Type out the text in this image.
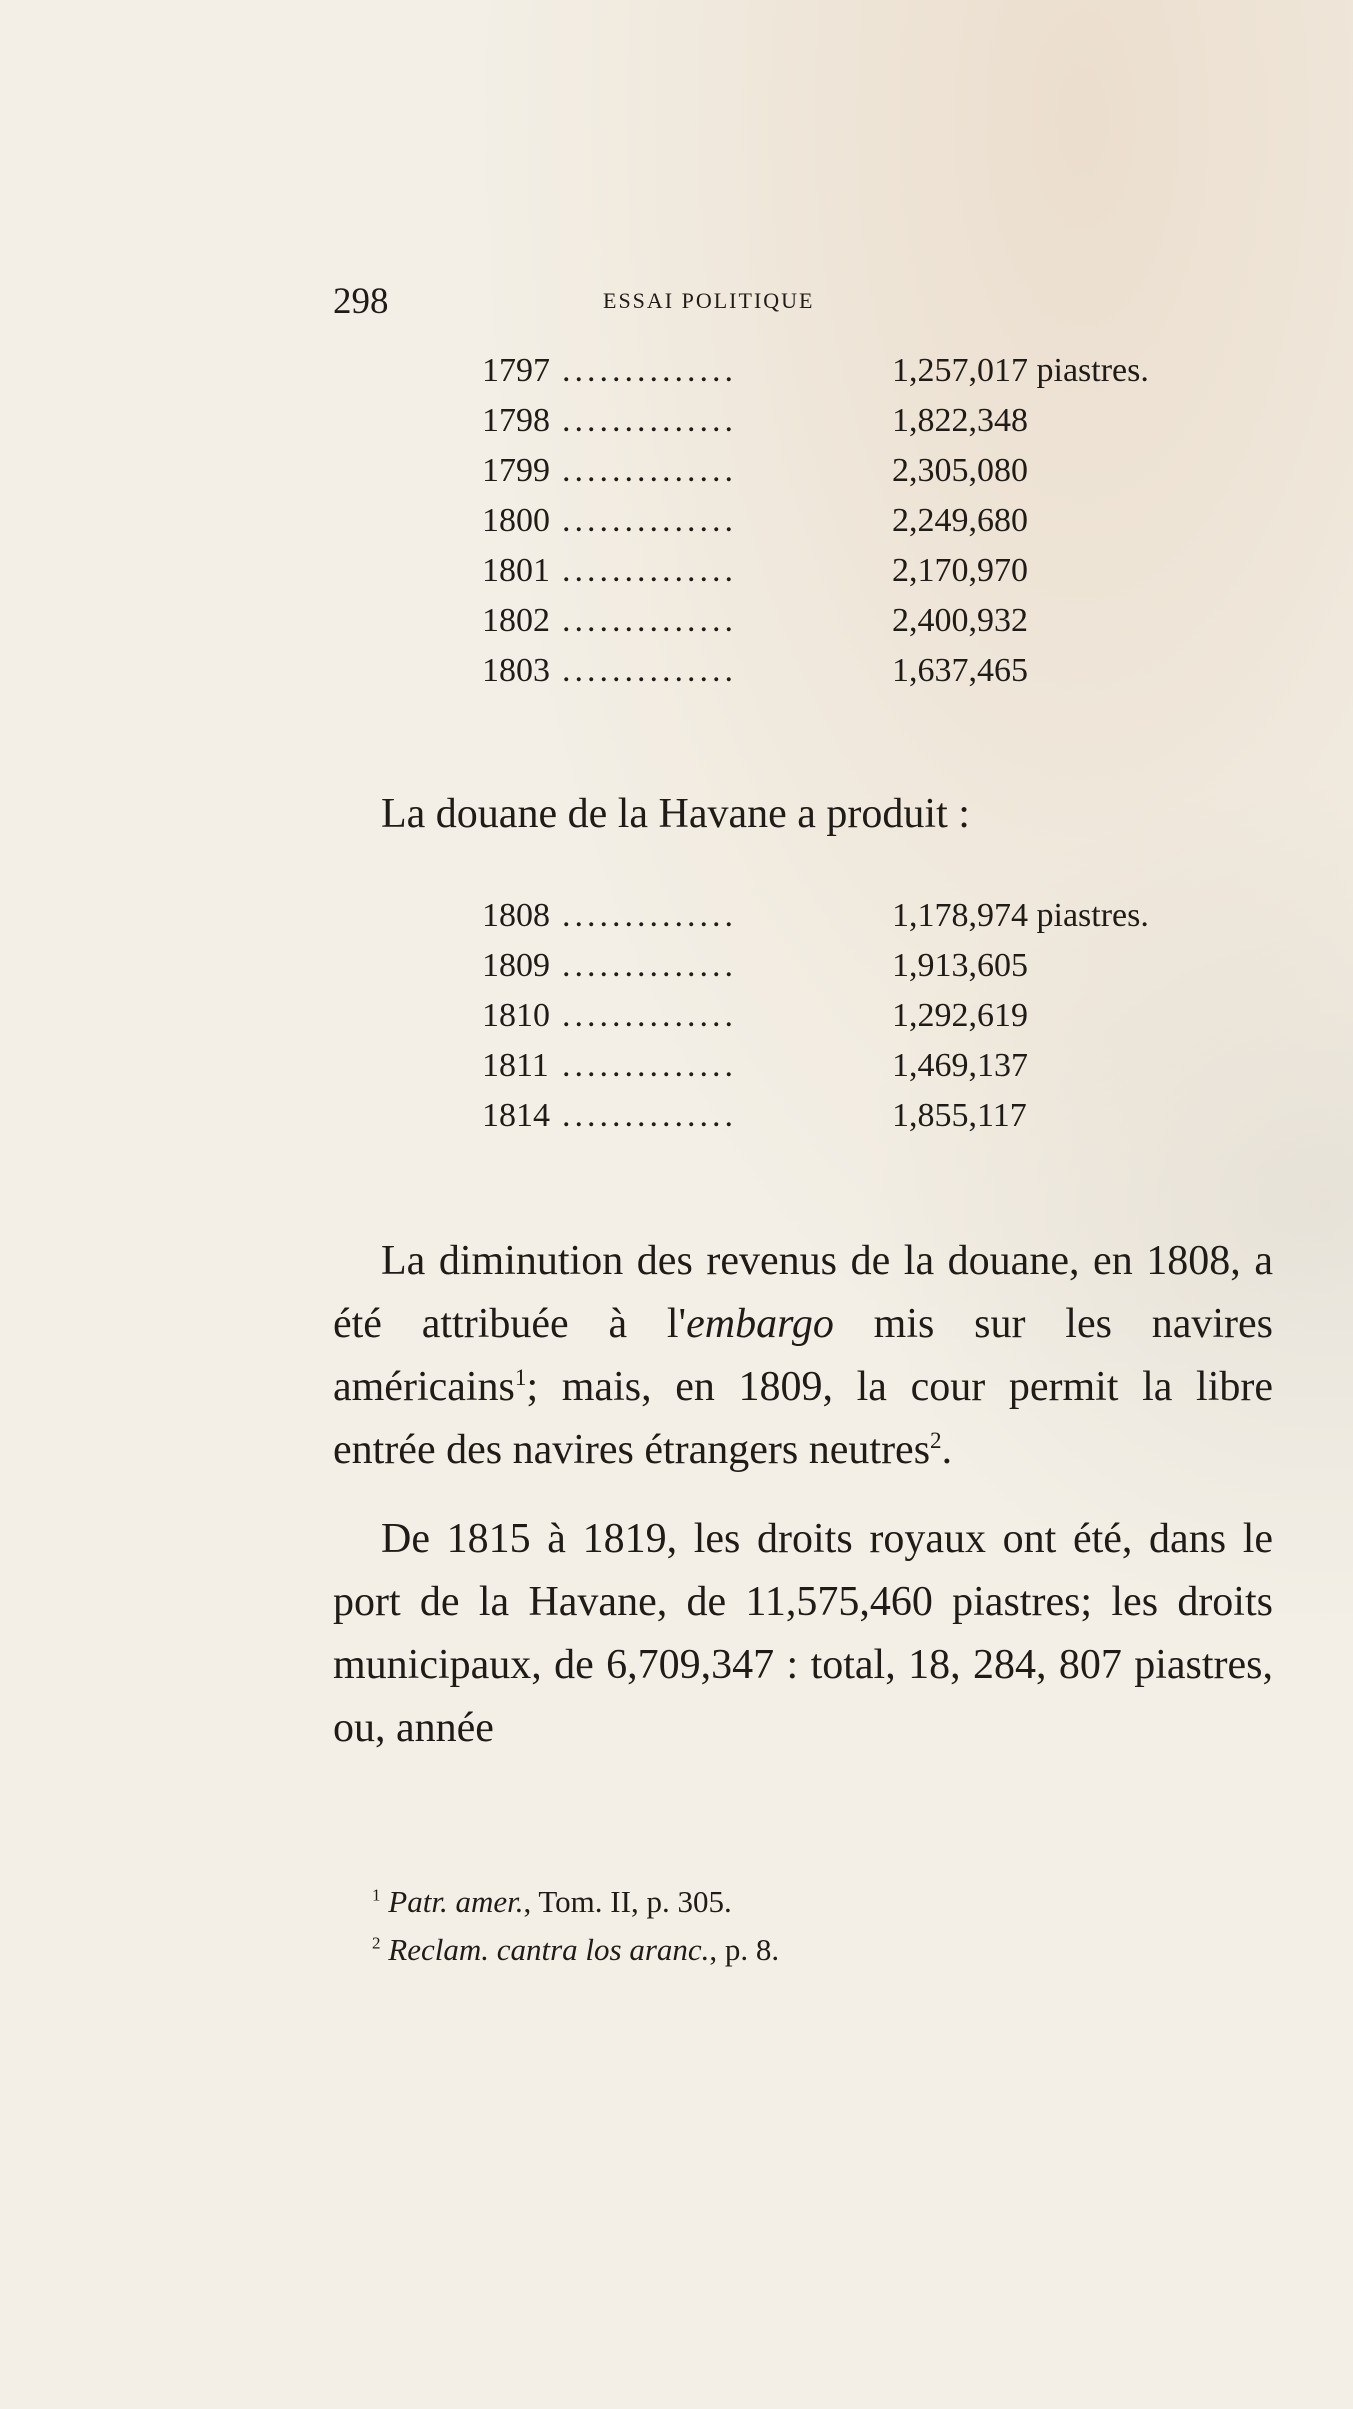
298	ESSAI POLITIQUE
1797 ..............	1,257,017 piastres.
1798 ..............	1,822,348
1799 ..............	2,305,080
1800 ..............	2,249,680
1801 ..............	2,170,970
1802 ..............	2,400,932
1803 ..............	1,637,465
La douane de la Havane a produit :
1808 ..............	1,178,974 piastres.
1809 ..............	1,913,605
1810 ..............	1,292,619
1811 ..............	1,469,137
1814 ..............	1,855,117
La diminution des revenus de la douane, en 1808, a été attribuée à l'embargo mis sur les navires américains$^1$; mais, en 1809, la cour permit la libre entrée des navires étrangers neutres$^2$.
De 1815 à 1819, les droits royaux ont été, dans le port de la Havane, de 11,575,460 piastres; les droits municipaux, de 6,709,347 : total, 18, 284, 807 piastres, ou, année
$^1$ Patr. amer., Tom. II, p. 305.
$^2$ Reclam. cantra los aranc., p. 8.
